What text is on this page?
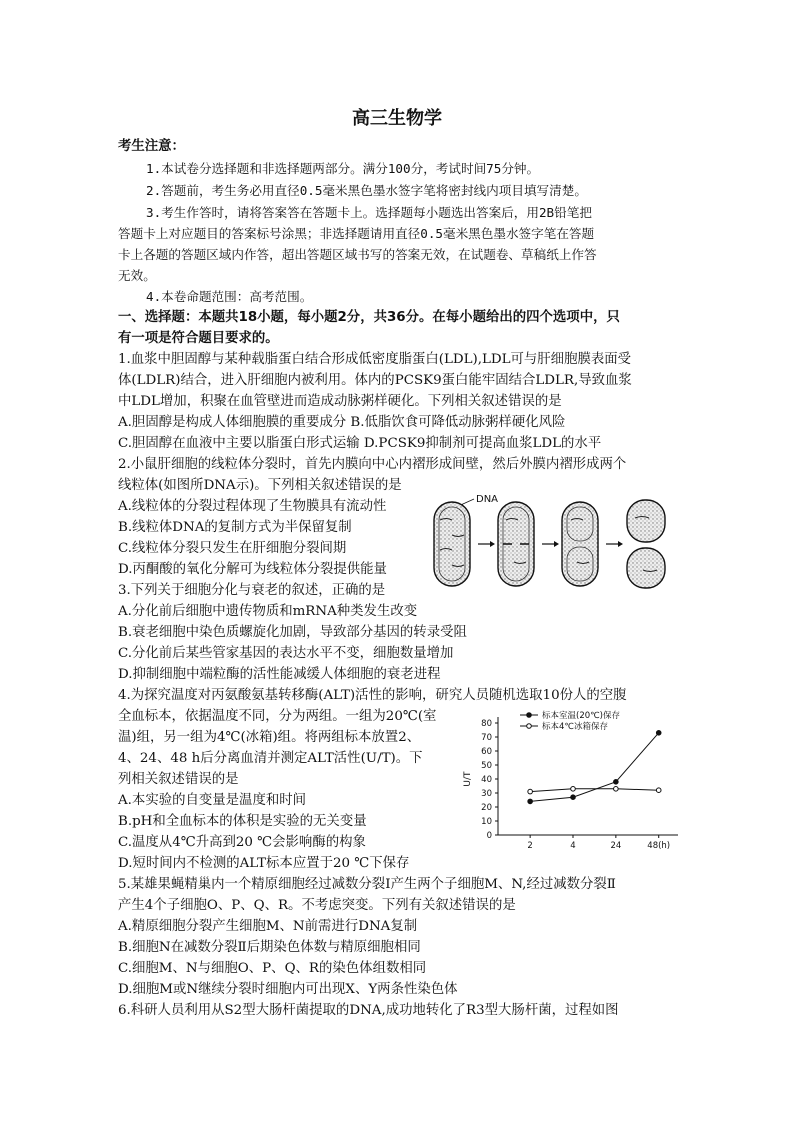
高三生物学
考生注意：
1.本试卷分选择题和非选择题两部分。满分100分，考试时间75分钟。
2.答题前，考生务必用直径0.5毫米黑色墨水签字笔将密封线内项目填写清楚。
3.考生作答时，请将答案答在答题卡上。选择题每小题选出答案后，用2B铅笔把
答题卡上对应题目的答案标号涂黑；非选择题请用直径0.5毫米黑色墨水签字笔在答题
卡上各题的答题区域内作答，超出答题区域书写的答案无效，在试题卷、草稿纸上作答
无效。
4.本卷命题范围：高考范围。
一、选择题：本题共18小题，每小题2分，共36分。在每小题给出的四个选项中，只
有一项是符合题目要求的。
1.血浆中胆固醇与某种载脂蛋白结合形成低密度脂蛋白(LDL),LDL可与肝细胞膜表面受
体(LDLR)结合，进入肝细胞内被利用。体内的PCSK9蛋白能牢固结合LDLR,导致血浆
中LDL增加，积聚在血管壁进而造成动脉粥样硬化。下列相关叙述错误的是
A.胆固醇是构成人体细胞膜的重要成分 B.低脂饮食可降低动脉粥样硬化风险
C.胆固醇在血液中主要以脂蛋白形式运输 D.PCSK9抑制剂可提高血浆LDL的水平
2.小鼠肝细胞的线粒体分裂时，首先内膜向中心内褶形成间壁，然后外膜内褶形成两个
线粒体(如图所DNA示)。下列相关叙述错误的是
A.线粒体的分裂过程体现了生物膜具有流动性
B.线粒体DNA的复制方式为半保留复制
C.线粒体分裂只发生在肝细胞分裂间期
D.丙酮酸的氧化分解可为线粒体分裂提供能量
3.下列关于细胞分化与衰老的叙述，正确的是
A.分化前后细胞中遗传物质和mRNA种类发生改变
B.衰老细胞中染色质螺旋化加剧，导致部分基因的转录受阻
C.分化前后某些管家基因的表达水平不变，细胞数量增加
D.抑制细胞中端粒酶的活性能减缓人体细胞的衰老进程
4.为探究温度对丙氨酸氨基转移酶(ALT)活性的影响，研究人员随机选取10份人的空腹
全血标本，依据温度不同，分为两组。一组为20℃(室
温)组，另一组为4℃(冰箱)组。将两组标本放置2、
4、24、48 h后分离血清并测定ALT活性(U/T)。下
列相关叙述错误的是
A.本实验的自变量是温度和时间
B.pH和全血标本的体积是实验的无关变量
C.温度从4℃升高到20 ℃会影响酶的构象
D.短时间内不检测的ALT标本应置于20 ℃下保存
5.某雄果蝇精巢内一个精原细胞经过减数分裂Ⅰ产生两个子细胞M、N,经过减数分裂Ⅱ
产生4个子细胞O、P、Q、R。不考虑突变。下列有关叙述错误的是
A.精原细胞分裂产生细胞M、N前需进行DNA复制
B.细胞N在减数分裂Ⅱ后期染色体数与精原细胞相同
C.细胞M、N与细胞O、P、Q、R的染色体组数相同
D.细胞M或N继续分裂时细胞内可出现X、Y两条性染色体
6.科研人员利用从S2型大肠杆菌提取的DNA,成功地转化了R3型大肠杆菌，过程如图
DNA
0
10
20
30
40
50
60
70
80
2	4	24	48(h)
U/T
标本室温(20℃)保存
标本4℃冰箱保存
